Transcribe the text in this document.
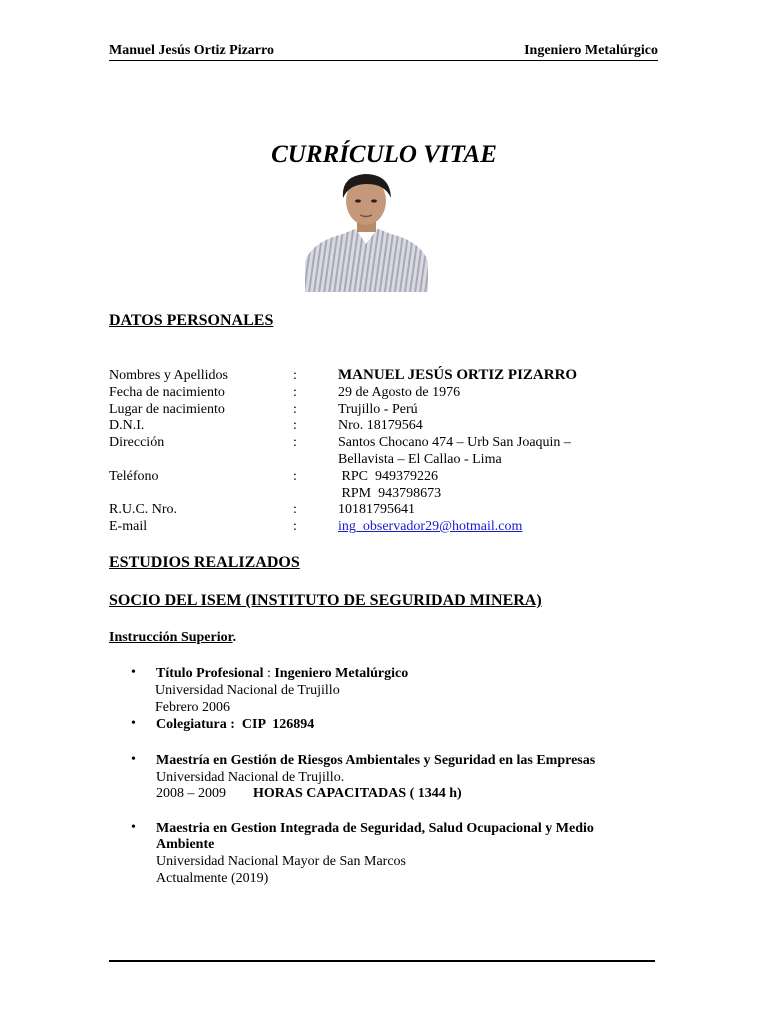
Manuel Jesús Ortiz Pizarro	Ingeniero Metalúrgico
CURRÍCULO VITAE
DATOS PERSONALES
Nombres y Apellidos	:	MANUEL JESÚS ORTIZ PIZARRO
Fecha de nacimiento	:	29 de Agosto de 1976
Lugar de nacimiento	:	Trujillo - Perú
D.N.I.	:	Nro. 18179564
Dirección	:	Santos Chocano 474 – Urb San Joaquin –
Bellavista – El Callao - Lima
Teléfono	:	RPC  949379226
RPM  943798673
R.U.C. Nro.	:	10181795641
E-mail	:	ing_observador29@hotmail.com
ESTUDIOS REALIZADOS
SOCIO DEL ISEM (INSTITUTO DE SEGURIDAD MINERA)
Instrucción Superior.
• Título Profesional : Ingeniero Metalúrgico
Universidad Nacional de Trujillo
Febrero 2006
• Colegiatura :  CIP  126894
• Maestría en Gestión de Riesgos Ambientales y Seguridad en las Empresas
Universidad Nacional de Trujillo.
2008 – 2009 HORAS CAPACITADAS ( 1344 h)
• Maestria en Gestion Integrada de Seguridad, Salud Ocupacional y Medio
Ambiente
Universidad Nacional Mayor de San Marcos
Actualmente (2019)
